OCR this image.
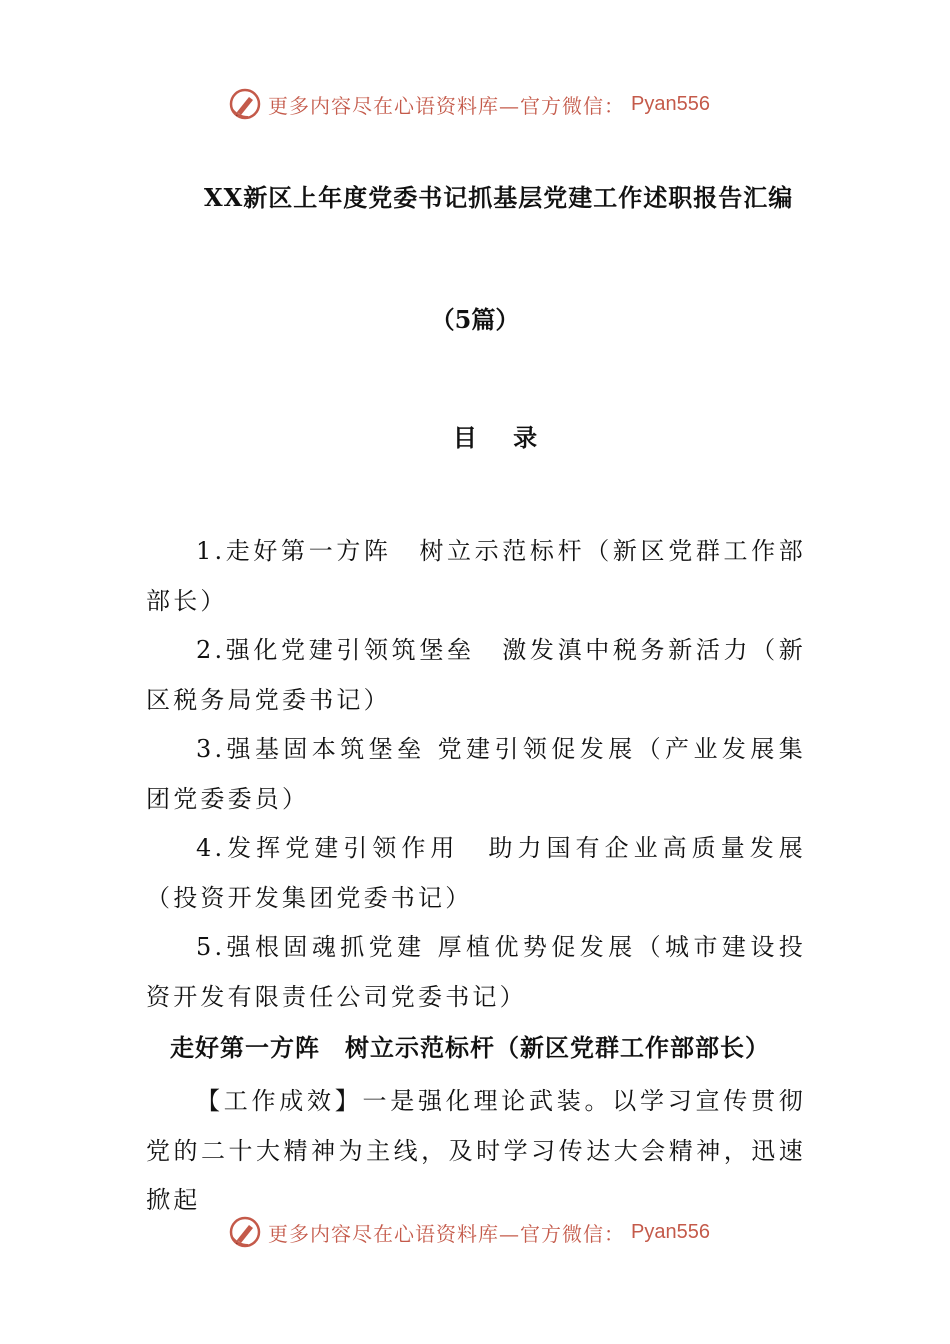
更多内容尽在心语资料库—官方微信： Pyan556
XX新区上年度党委书记抓基层党建工作述职报告汇编
（5篇）
目 录

1.走好第一方阵　树立示范标杆（新区党群工作部部长）

2.强化党建引领筑堡垒　激发滇中税务新活力（新区税务局党委书记）

3.强基固本筑堡垒 党建引领促发展（产业发展集团党委委员）

4.发挥党建引领作用　助力国有企业高质量发展（投资开发集团党委书记）

5.强根固魂抓党建 厚植优势促发展（城市建设投资开发有限责任公司党委书记）

走好第一方阵　树立示范标杆（新区党群工作部部长）

【工作成效】一是强化理论武装。以学习宣传贯彻党的二十大精神为主线，及时学习传达大会精神，迅速掀起

更多内容尽在心语资料库—官方微信： Pyan556
